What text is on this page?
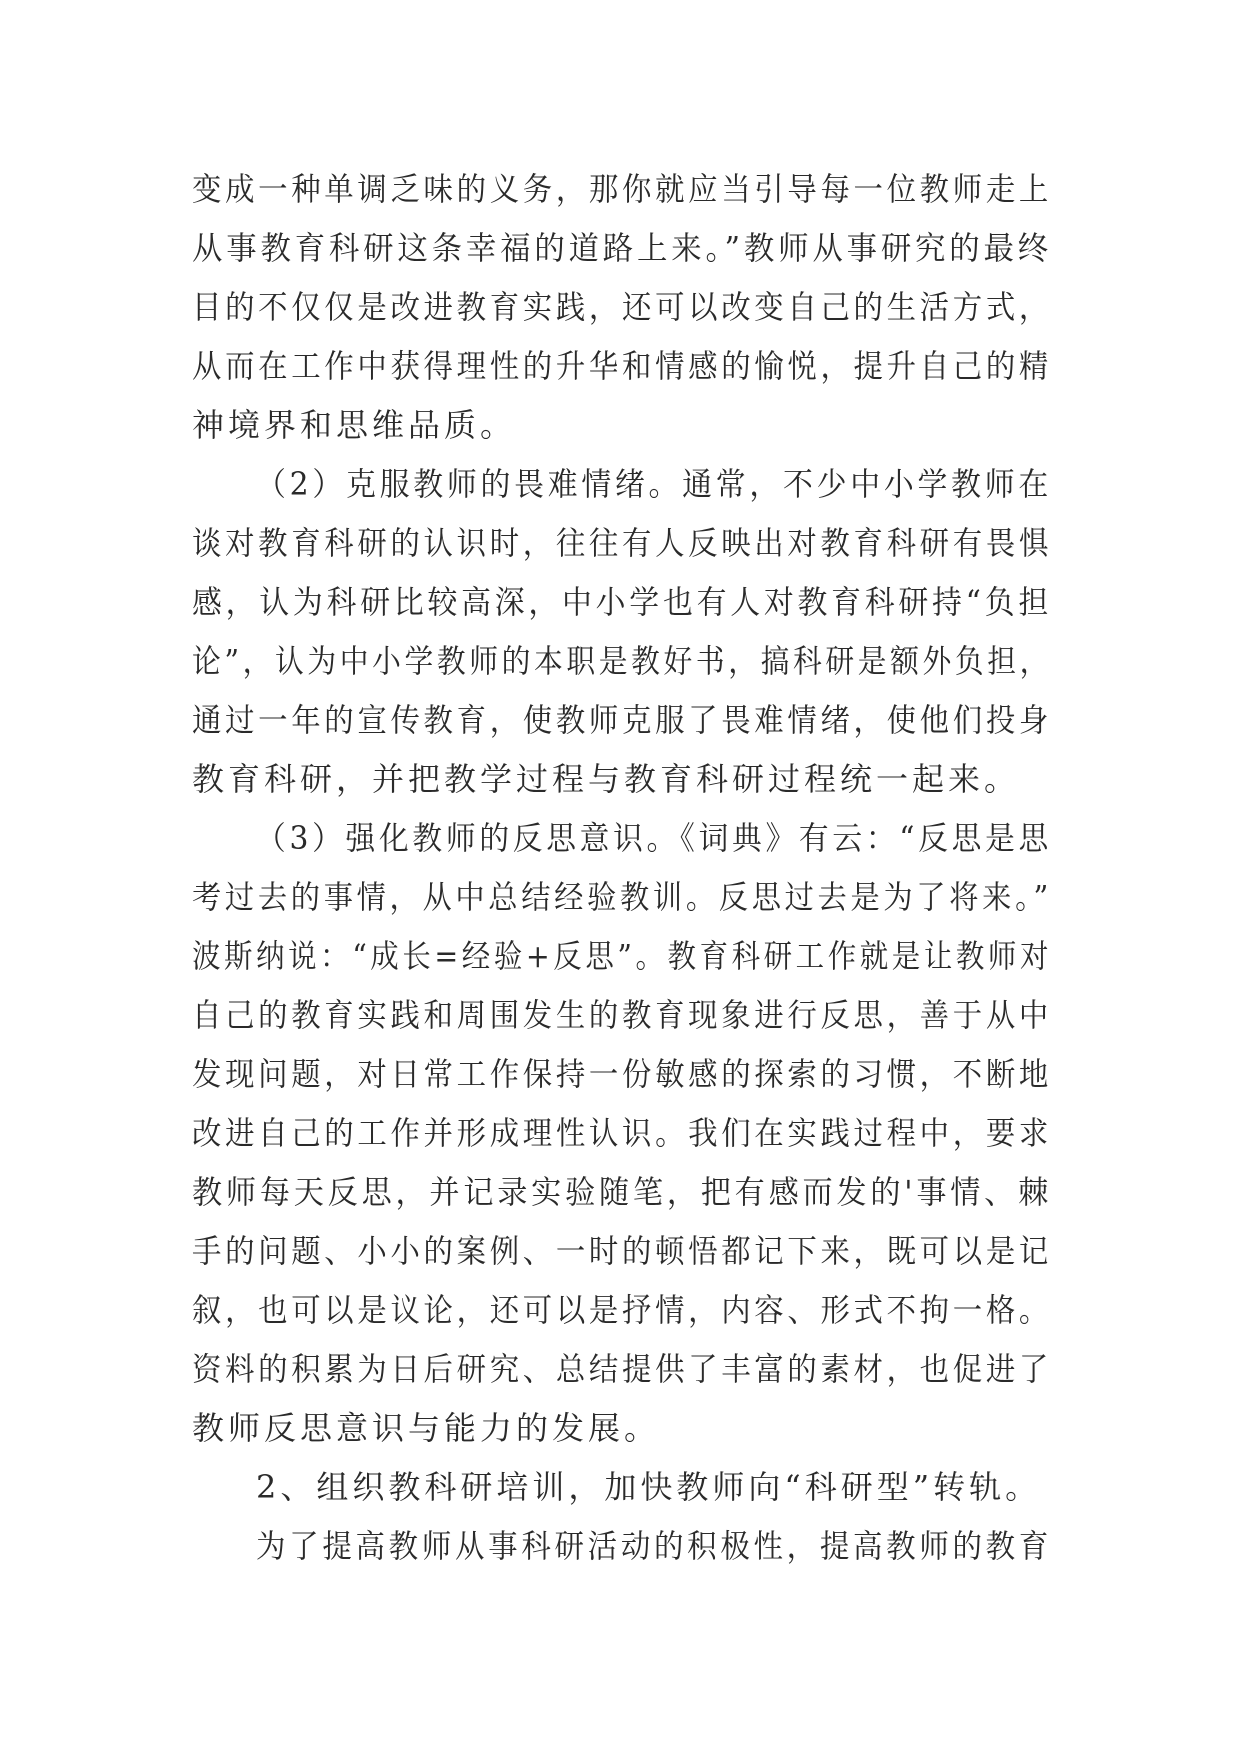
变成一种单调乏味的义务，那你就应当引导每一位教师走上
从事教育科研这条幸福的道路上来。”教师从事研究的最终
目的不仅仅是改进教育实践，还可以改变自己的生活方式，
从而在工作中获得理性的升华和情感的愉悦，提升自己的精
神境界和思维品质。
（2）克服教师的畏难情绪。通常，不少中小学教师在
谈对教育科研的认识时，往往有人反映出对教育科研有畏惧
感，认为科研比较高深，中小学也有人对教育科研持“负担
论”，认为中小学教师的本职是教好书，搞科研是额外负担，
通过一年的宣传教育，使教师克服了畏难情绪，使他们投身
教育科研，并把教学过程与教育科研过程统一起来。
（3）强化教师的反思意识。《词典》有云：“反思是思
考过去的事情，从中总结经验教训。反思过去是为了将来。”
波斯纳说：“成长=经验+反思”。教育科研工作就是让教师对
自己的教育实践和周围发生的教育现象进行反思，善于从中
发现问题，对日常工作保持一份敏感的探索的习惯，不断地
改进自己的工作并形成理性认识。我们在实践过程中，要求
教师每天反思，并记录实验随笔，把有感而发的'事情、棘
手的问题、小小的案例、一时的顿悟都记下来，既可以是记
叙，也可以是议论，还可以是抒情，内容、形式不拘一格。
资料的积累为日后研究、总结提供了丰富的素材，也促进了
教师反思意识与能力的发展。
2、组织教科研培训，加快教师向“科研型”转轨。
为了提高教师从事科研活动的积极性，提高教师的教育
